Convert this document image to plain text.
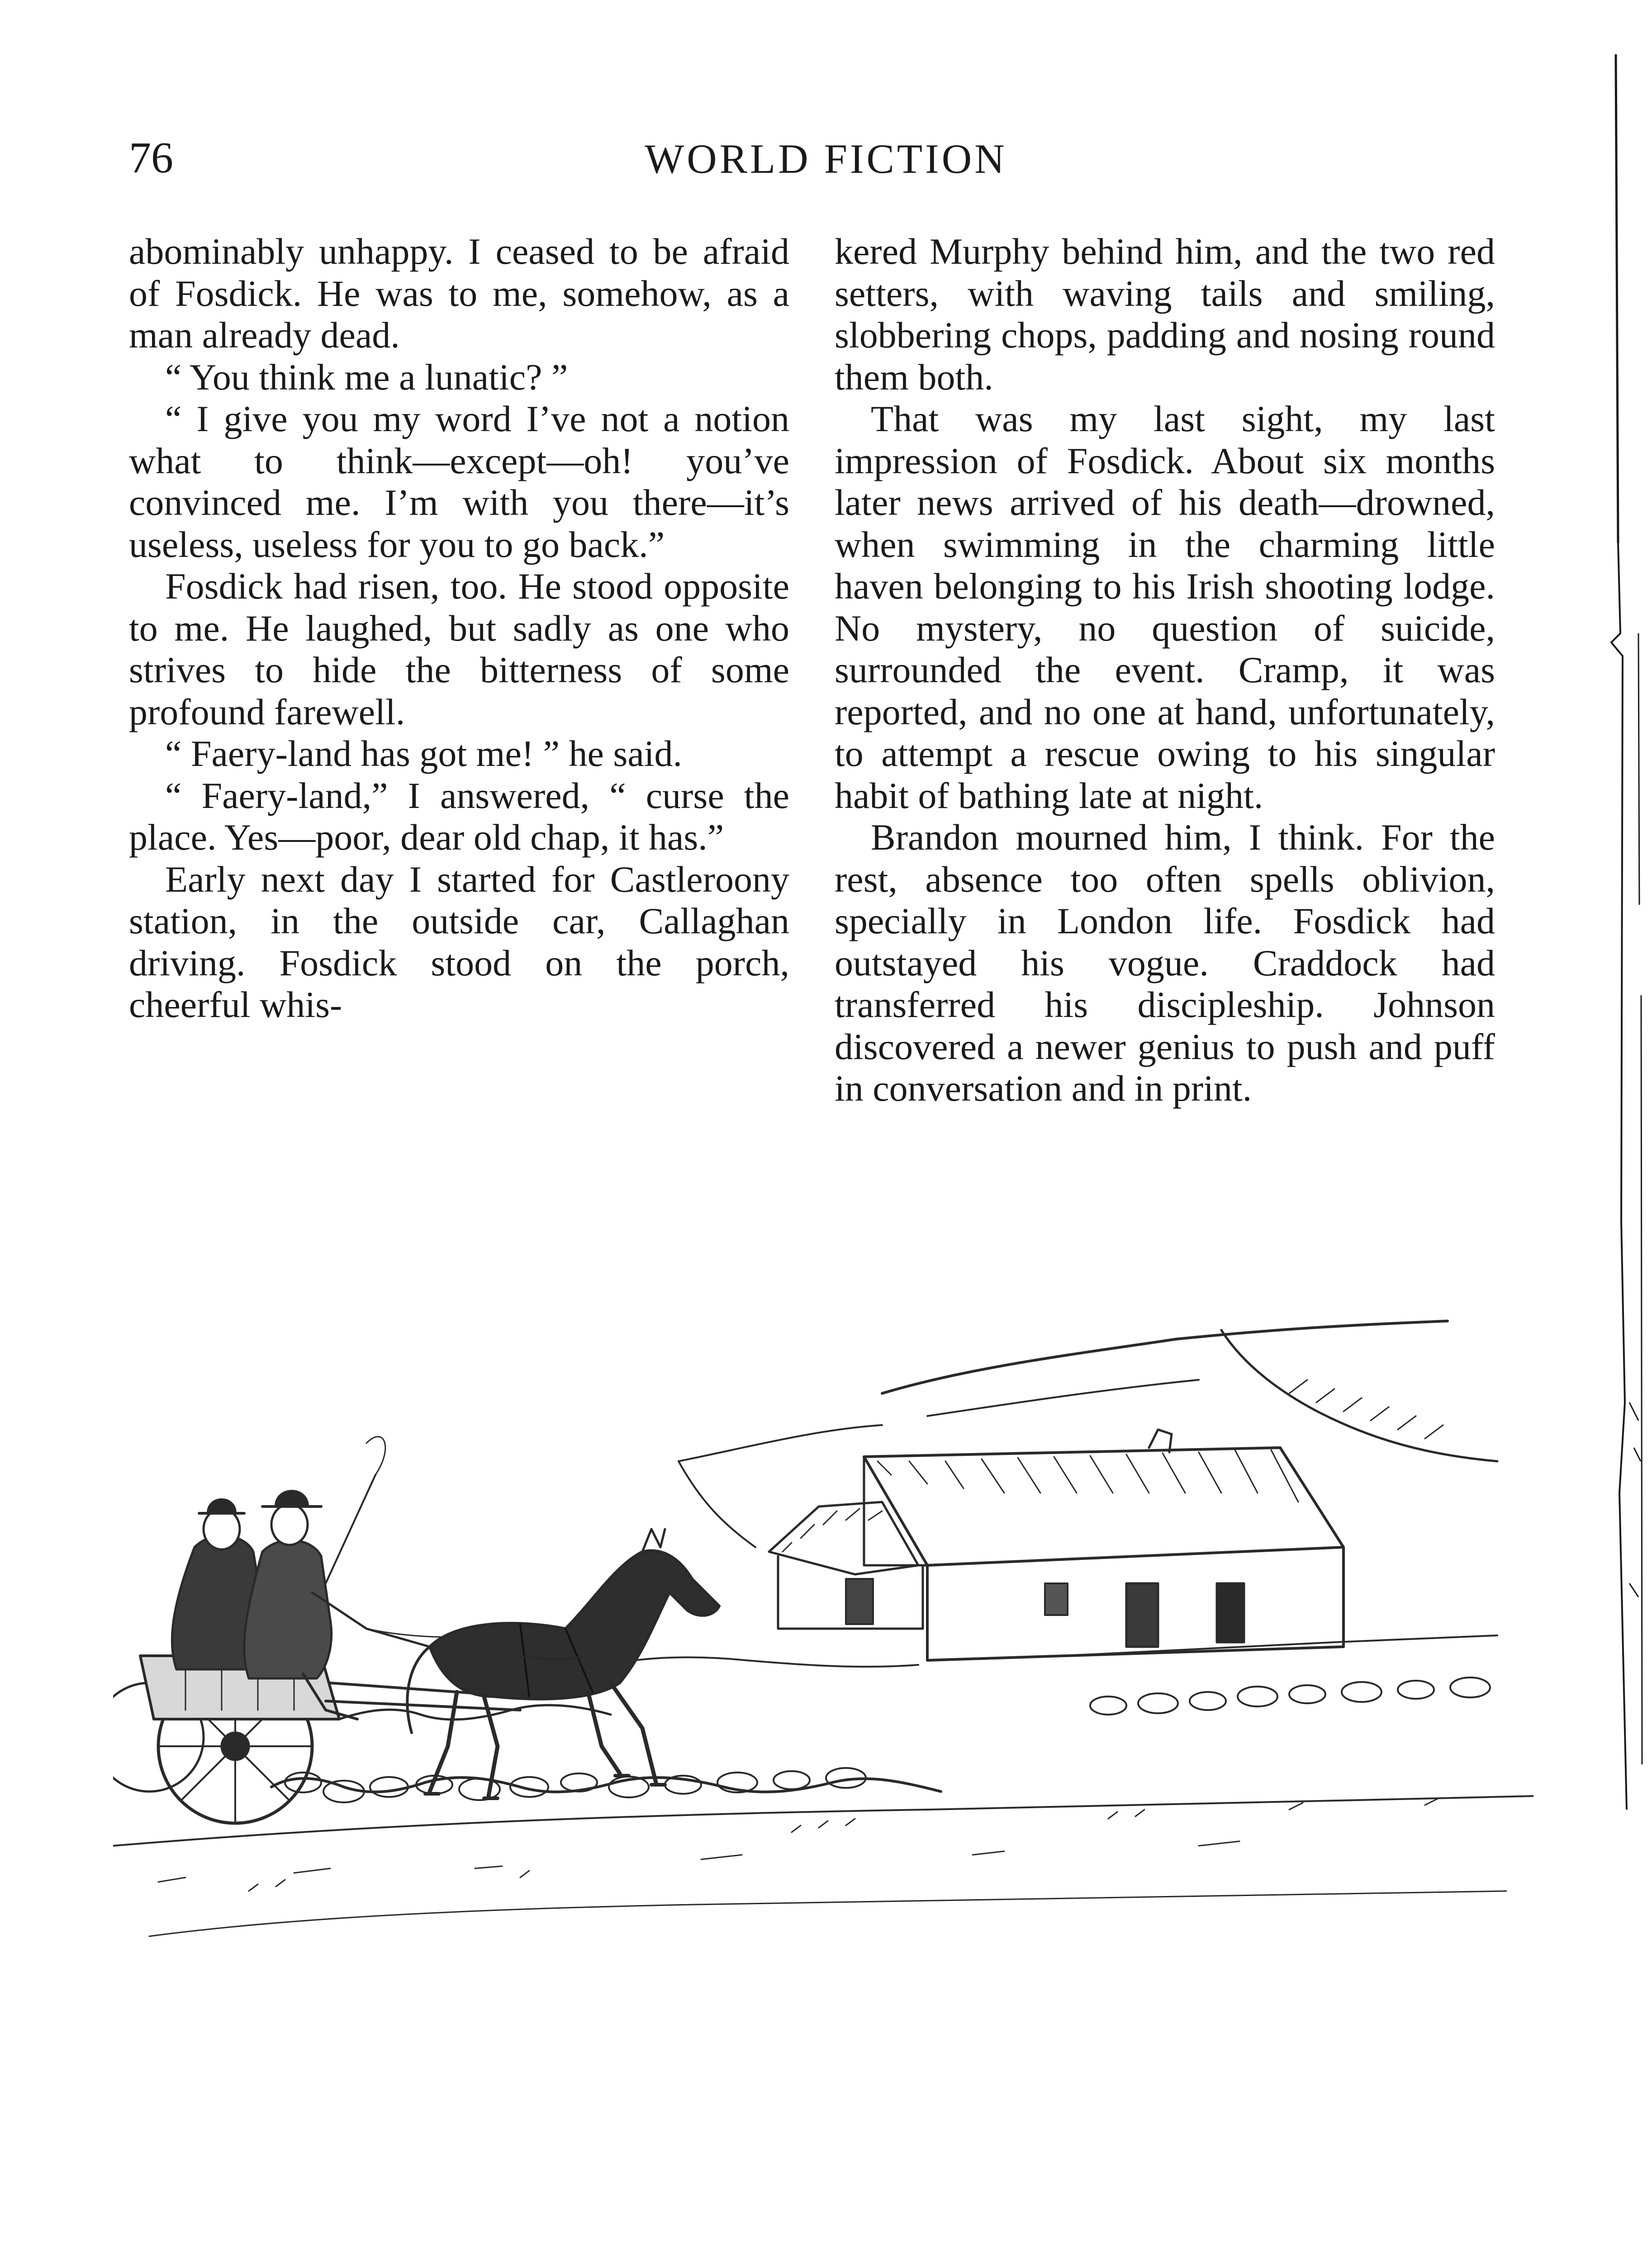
76	WORLD FICTION

abominably unhappy. I ceased to be afraid of Fosdick. He was to me, somehow, as a man already dead.

“ You think me a lunatic? ”

“ I give you my word I’ve not a notion what to think—except—oh! you’ve convinced me. I’m with you there—it’s useless, useless for you to go back.”

Fosdick had risen, too. He stood opposite to me. He laughed, but sadly as one who strives to hide the bitterness of some profound farewell.

“ Faery-land has got me! ” he said.

“ Faery-land,” I answered, “ curse the place. Yes—poor, dear old chap, it has.”

Early next day I started for Castleroony station, in the outside car, Callaghan driving. Fosdick stood on the porch, cheerful whis-

kered Murphy behind him, and the two red setters, with waving tails and smiling, slobbering chops, padding and nosing round them both.

That was my last sight, my last impression of Fosdick. About six months later news arrived of his death—drowned, when swimming in the charming little haven belonging to his Irish shooting lodge. No mystery, no question of suicide, surrounded the event. Cramp, it was reported, and no one at hand, unfortunately, to attempt a rescue owing to his singular habit of bathing late at night.

Brandon mourned him, I think. For the rest, absence too often spells oblivion, specially in London life. Fosdick had outstayed his vogue. Craddock had transferred his discipleship. Johnson discovered a newer genius to push and puff in conversation and in print.
